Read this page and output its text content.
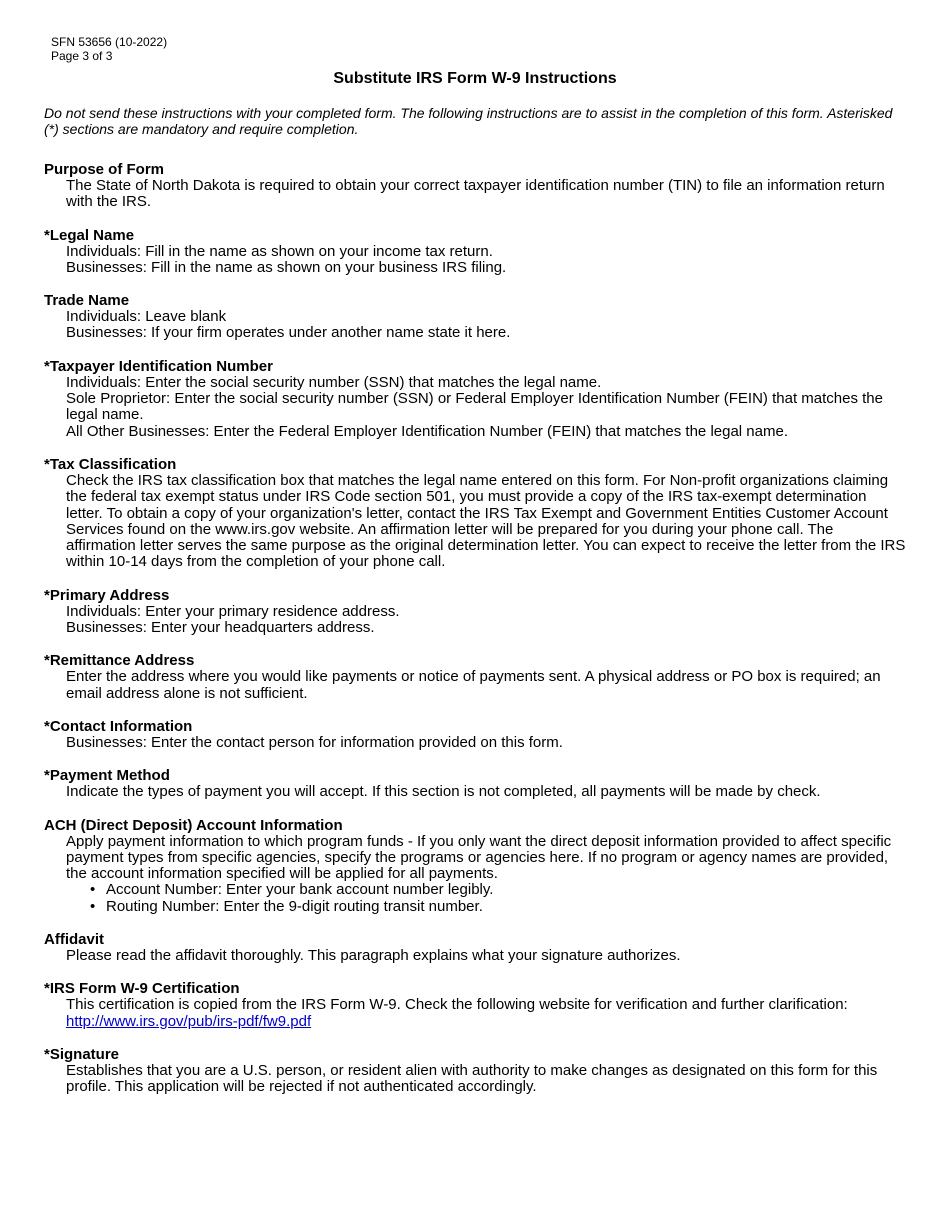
SFN 53656 (10-2022)
Page 3 of 3
Substitute IRS Form W-9 Instructions
Do not send these instructions with your completed form. The following instructions are to assist in the completion of this form. Asterisked (*) sections are mandatory and require completion.
Purpose of Form
The State of North Dakota is required to obtain your correct taxpayer identification number (TIN) to file an information return with the IRS.
*Legal Name
Individuals: Fill in the name as shown on your income tax return.
Businesses: Fill in the name as shown on your business IRS filing.
Trade Name
Individuals: Leave blank
Businesses: If your firm operates under another name state it here.
*Taxpayer Identification Number
Individuals: Enter the social security number (SSN) that matches the legal name.
Sole Proprietor: Enter the social security number (SSN) or Federal Employer Identification Number (FEIN) that matches the legal name.
All Other Businesses: Enter the Federal Employer Identification Number (FEIN) that matches the legal name.
*Tax Classification
Check the IRS tax classification box that matches the legal name entered on this form. For Non-profit organizations claiming the federal tax exempt status under IRS Code section 501, you must provide a copy of the IRS tax-exempt determination letter. To obtain a copy of your organization's letter, contact the IRS Tax Exempt and Government Entities Customer Account Services found on the www.irs.gov website. An affirmation letter will be prepared for you during your phone call. The affirmation letter serves the same purpose as the original determination letter. You can expect to receive the letter from the IRS within 10-14 days from the completion of your phone call.
*Primary Address
Individuals: Enter your primary residence address.
Businesses: Enter your headquarters address.
*Remittance Address
Enter the address where you would like payments or notice of payments sent. A physical address or PO box is required; an email address alone is not sufficient.
*Contact Information
Businesses: Enter the contact person for information provided on this form.
*Payment Method
Indicate the types of payment you will accept. If this section is not completed, all payments will be made by check.
ACH (Direct Deposit) Account Information
Apply payment information to which program funds - If you only want the direct deposit information provided to affect specific payment types from specific agencies, specify the programs or agencies here. If no program or agency names are provided, the account information specified will be applied for all payments.
• Account Number: Enter your bank account number legibly.
• Routing Number: Enter the 9-digit routing transit number.
Affidavit
Please read the affidavit thoroughly. This paragraph explains what your signature authorizes.
*IRS Form W-9 Certification
This certification is copied from the IRS Form W-9. Check the following website for verification and further clarification:
http://www.irs.gov/pub/irs-pdf/fw9.pdf
*Signature
Establishes that you are a U.S. person, or resident alien with authority to make changes as designated on this form for this profile. This application will be rejected if not authenticated accordingly.
